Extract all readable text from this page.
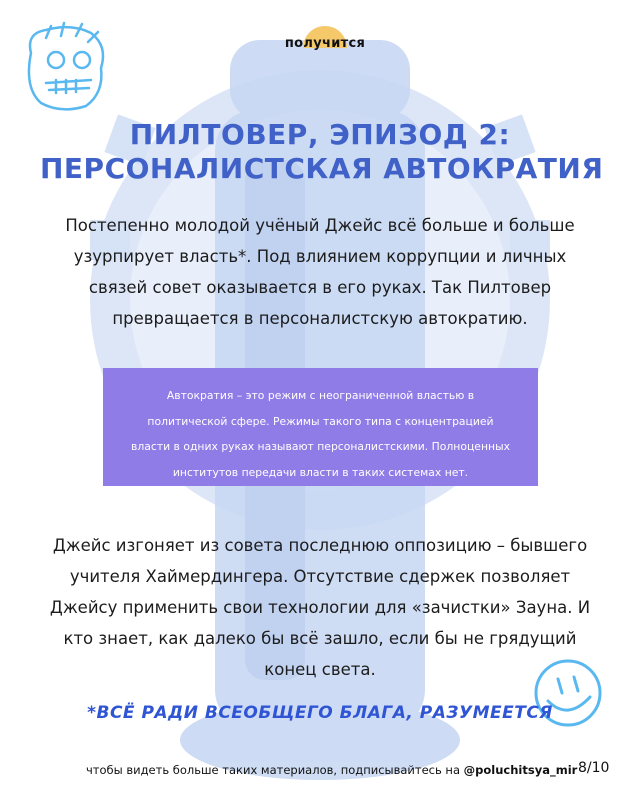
получится
ПИЛТОВЕР, ЭПИЗОД 2:
ПЕРСОНАЛИСТСКАЯ АВТОКРАТИЯ
Постепенно молодой учёный Джейс всё больше и больше
узурпирует власть*. Под влиянием коррупции и личных
связей совет оказывается в его руках. Так Пилтовер
превращается в персоналистскую автократию.
Автократия – это режим с неограниченной властью в
политической сфере. Режимы такого типа с концентрацией
власти в одних руках называют персоналистскими. Полноценных
институтов передачи власти в таких системах нет.
Джейс изгоняет из совета последнюю оппозицию – бывшего
учителя Хаймердингера. Отсутствие сдержек позволяет
Джейсу применить свои технологии для «зачистки» Зауна. И
кто знает, как далеко бы всё зашло, если бы не грядущий
конец света.
*ВСЁ РАДИ ВСЕОБЩЕГО БЛАГА, РАЗУМЕЕТСЯ
чтобы видеть больше таких материалов, подписывайтесь на @poluchitsya_mir 8/10
